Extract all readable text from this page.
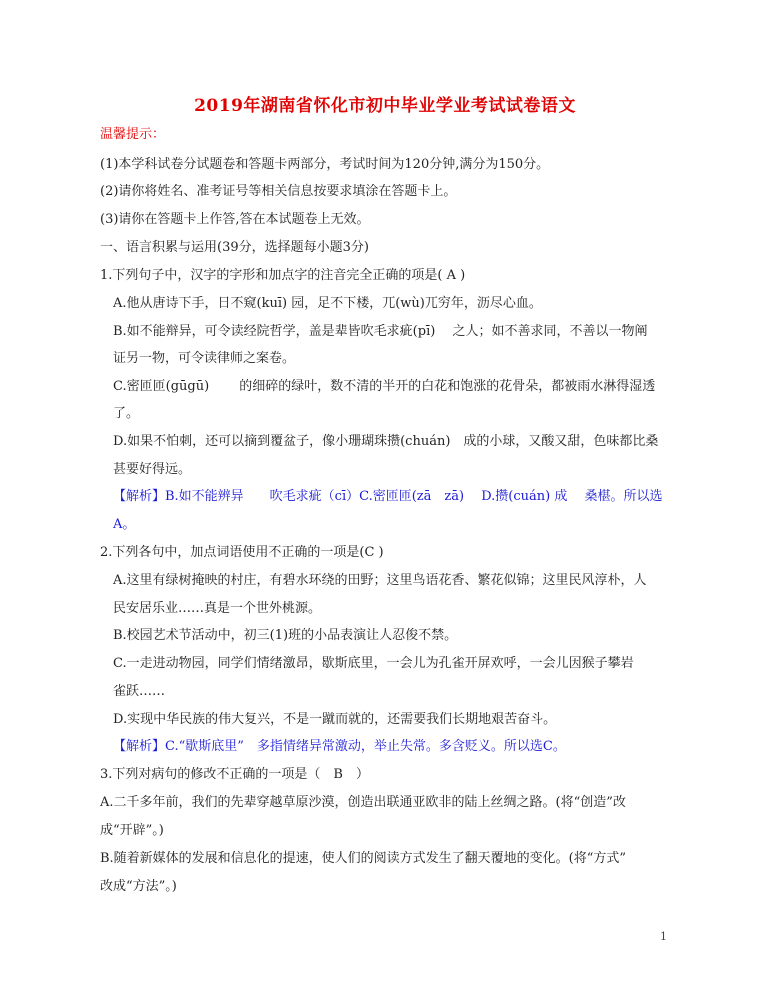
2019年湖南省怀化市初中毕业学业考试试卷语文
温馨提示：
(1)本学科试卷分试题卷和答题卡两部分，考试时间为120分钟,满分为150分。
(2)请你将姓名、准考证号等相关信息按要求填涂在答题卡上。
(3)请你在答题卡上作答,答在本试题卷上无效。
一、语言积累与运用(39分，选择题每小题3分)
1.下列句子中，汉字的字形和加点字的注音完全正确的项是( A )
A.他从唐诗下手，日不窥(kuī) 园，足不下楼，兀(wù)兀穷年，沥尽心血。
B.如不能辩异，可令读经院哲学，盖是辈皆吹毛求疵(pī)　 之人；如不善求同，不善以一物阐
证另一物，可令读律师之案卷。
C.密匝匝(gūgū)　　 的细碎的绿叶，数不清的半开的白花和饱涨的花骨朵，都被雨水淋得湿透
了。
D.如果不怕刺，还可以摘到覆盆子，像小珊瑚珠攒(chuán)　成的小球，又酸又甜，色味都比桑
甚要好得远。
【解析】B.如不能辨异　　吹毛求疵（cī）C.密匝匝(zā　zā)　 D.攒(cuán) 成　 桑椹。所以选
A。
2.下列各句中，加点词语使用不正确的一项是(C )
A.这里有绿树掩映的村庄，有碧水环绕的田野；这里鸟语花香、繁花似锦；这里民风淳朴，人
民安居乐业……真是一个世外桃源。
B.校园艺术节活动中，初三(1)班的小品表演让人忍俊不禁。
C.一走进动物园，同学们情绪激昂，歇斯底里，一会儿为孔雀开屏欢呼，一会儿因猴子攀岩
雀跃……
D.实现中华民族的伟大复兴，不是一蹴而就的，还需要我们长期地艰苦奋斗。
【解析】C.“歇斯底里”　多指情绪异常激动，举止失常。多含贬义。所以选C。
3.下列对病句的修改不正确的一项是（　B　）
A.二千多年前，我们的先辈穿越草原沙漠，创造出联通亚欧非的陆上丝绸之路。(将“创造”改
成“开辟”。)
B.随着新媒体的发展和信息化的提速，使人们的阅读方式发生了翻天覆地的变化。(将“方式”
改成“方法”。)
1
